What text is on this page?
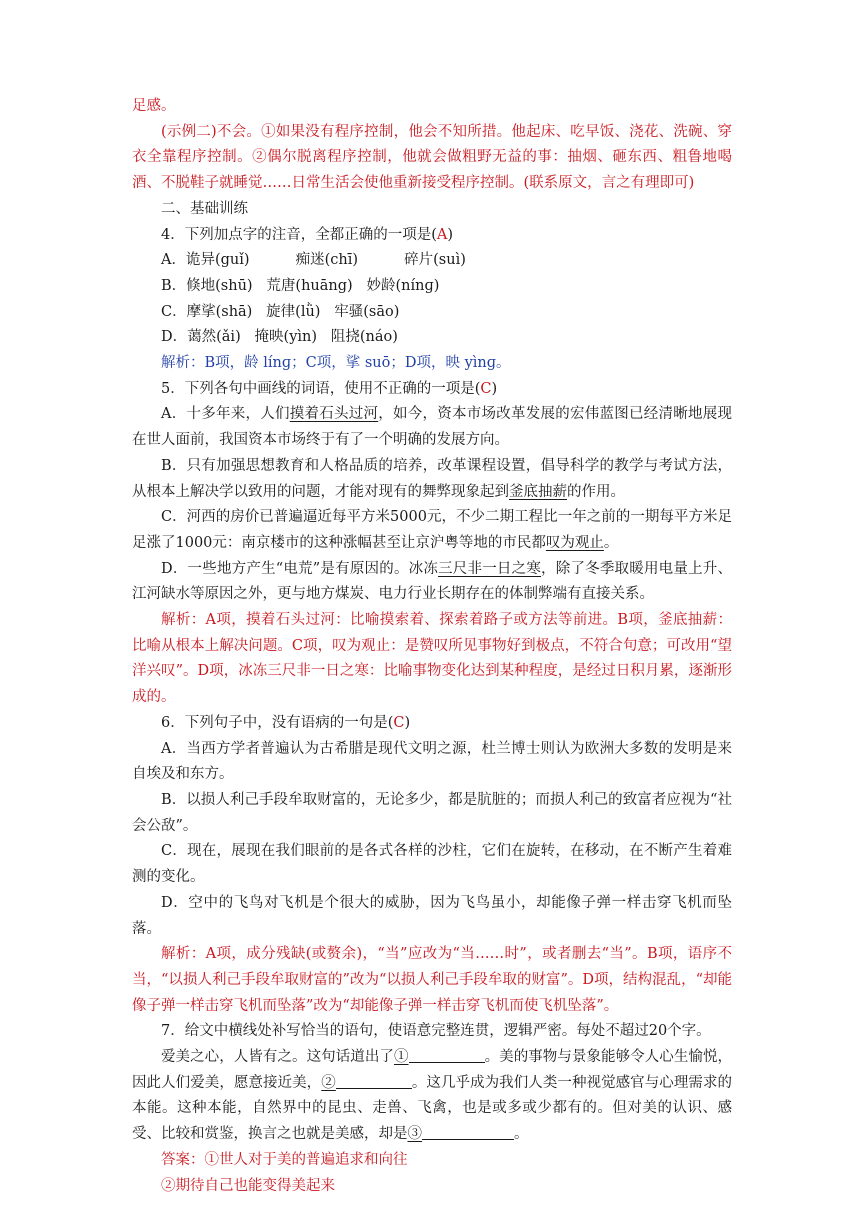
足感。

(示例二)不会。①如果没有程序控制，他会不知所措。他起床、吃早饭、浇花、洗碗、穿衣全靠程序控制。②偶尔脱离程序控制，他就会做粗野无益的事：抽烟、砸东西、粗鲁地喝酒、不脱鞋子就睡觉……日常生活会使他重新接受程序控制。(联系原文，言之有理即可)

二、基础训练

4．下列加点字的注音，全都正确的一项是(A)

A．诡异(guǐ)          痴迷(chī)          碎片(suì)

B．倏地(shū)   荒唐(huāng)   妙龄(nínɡ)

C．摩挲(shā)   旋律(lǜ)   牢骚(sāo)

D．蔼然(ǎi)   掩映(yìn)   阻挠(náo)

解析：B项，龄 línɡ；C项，挲 suō；D项，映 yìnɡ。

5．下列各句中画线的词语，使用不正确的一项是(C)

A．十多年来，人们摸着石头过河，如今，资本市场改革发展的宏伟蓝图已经清晰地展现在世人面前，我国资本市场终于有了一个明确的发展方向。

B．只有加强思想教育和人格品质的培养，改革课程设置，倡导科学的教学与考试方法，从根本上解决学以致用的问题，才能对现有的舞弊现象起到釜底抽薪的作用。

C．河西的房价已普遍逼近每平方米5000元，不少二期工程比一年之前的一期每平方米足足涨了1000元：南京楼市的这种涨幅甚至让京沪粤等地的市民都叹为观止。

D．一些地方产生“电荒”是有原因的。冰冻三尺非一日之寒，除了冬季取暖用电量上升、江河缺水等原因之外，更与地方煤炭、电力行业长期存在的体制弊端有直接关系。

解析：A项，摸着石头过河：比喻摸索着、探索着路子或方法等前进。B项，釜底抽薪：比喻从根本上解决问题。C项，叹为观止：是赞叹所见事物好到极点，不符合句意；可改用“望洋兴叹”。D项，冰冻三尺非一日之寒：比喻事物变化达到某种程度，是经过日积月累，逐渐形成的。

6．下列句子中，没有语病的一句是(C)

A．当西方学者普遍认为古希腊是现代文明之源，杜兰博士则认为欧洲大多数的发明是来自埃及和东方。

B．以损人利己手段牟取财富的，无论多少，都是肮脏的；而损人利己的致富者应视为“社会公敌”。

C．现在，展现在我们眼前的是各式各样的沙柱，它们在旋转，在移动，在不断产生着难测的变化。

D．空中的飞鸟对飞机是个很大的威胁，因为飞鸟虽小，却能像子弹一样击穿飞机而坠落。

解析：A项，成分残缺(或赘余)，“当”应改为“当……时”，或者删去“当”。B项，语序不当，“以损人利己手段牟取财富的”改为“以损人利己手段牟取的财富”。D项，结构混乱，“却能像子弹一样击穿飞机而坠落”改为“却能像子弹一样击穿飞机而使飞机坠落”。

7．给文中横线处补写恰当的语句，使语意完整连贯，逻辑严密。每处不超过20个字。

爱美之心，人皆有之。这句话道出了①	。美的事物与景象能够令人心生愉悦，因此人们爱美，愿意接近美，②	。这几乎成为我们人类一种视觉感官与心理需求的本能。这种本能，自然界中的昆虫、走兽、飞禽，也是或多或少都有的。但对美的认识、感受、比较和赏鉴，换言之也就是美感，却是③	。

答案：①世人对于美的普遍追求和向往

②期待自己也能变得美起来
